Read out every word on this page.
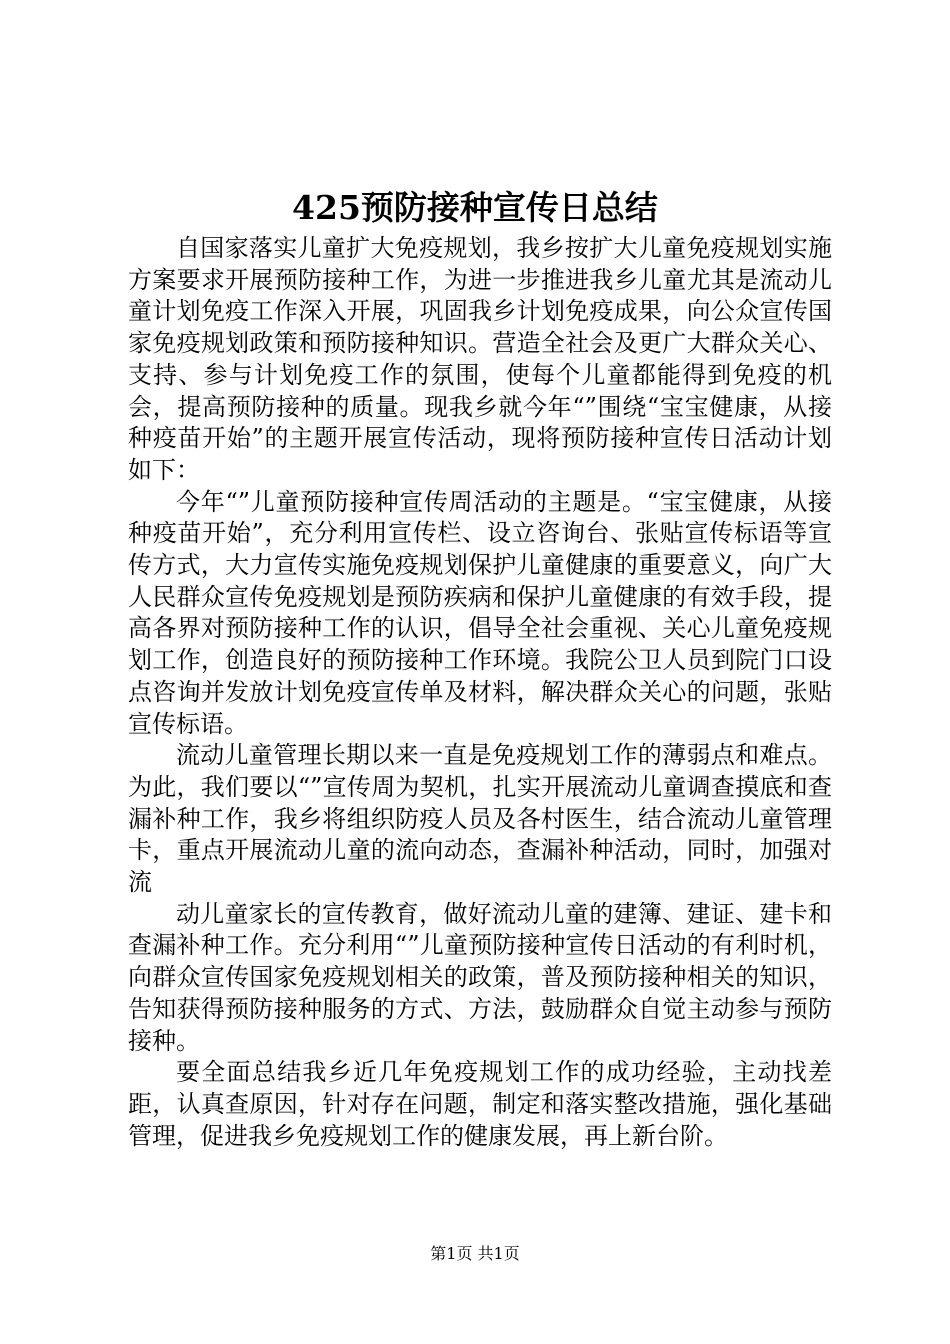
425预防接种宣传日总结

自国家落实儿童扩大免疫规划，我乡按扩大儿童免疫规划实施方案要求开展预防接种工作，为进一步推进我乡儿童尤其是流动儿童计划免疫工作深入开展，巩固我乡计划免疫成果，向公众宣传国家免疫规划政策和预防接种知识。营造全社会及更广大群众关心、支持、参与计划免疫工作的氛围，使每个儿童都能得到免疫的机会，提高预防接种的质量。现我乡就今年“”围绕“宝宝健康，从接种疫苗开始”的主题开展宣传活动，现将预防接种宣传日活动计划如下：

今年“”儿童预防接种宣传周活动的主题是。“宝宝健康，从接种疫苗开始”，充分利用宣传栏、设立咨询台、张贴宣传标语等宣传方式，大力宣传实施免疫规划保护儿童健康的重要意义，向广大人民群众宣传免疫规划是预防疾病和保护儿童健康的有效手段，提高各界对预防接种工作的认识，倡导全社会重视、关心儿童免疫规划工作，创造良好的预防接种工作环境。我院公卫人员到院门口设点咨询并发放计划免疫宣传单及材料，解决群众关心的问题，张贴宣传标语。

流动儿童管理长期以来一直是免疫规划工作的薄弱点和难点。为此，我们要以“”宣传周为契机，扎实开展流动儿童调查摸底和查漏补种工作，我乡将组织防疫人员及各村医生，结合流动儿童管理卡，重点开展流动儿童的流向动态，查漏补种活动，同时，加强对流

动儿童家长的宣传教育，做好流动儿童的建簿、建证、建卡和查漏补种工作。充分利用“”儿童预防接种宣传日活动的有利时机，向群众宣传国家免疫规划相关的政策，普及预防接种相关的知识，告知获得预防接种服务的方式、方法，鼓励群众自觉主动参与预防接种。

要全面总结我乡近几年免疫规划工作的成功经验，主动找差距，认真查原因，针对存在问题，制定和落实整改措施，强化基础管理，促进我乡免疫规划工作的健康发展，再上新台阶。

第1页 共1页
